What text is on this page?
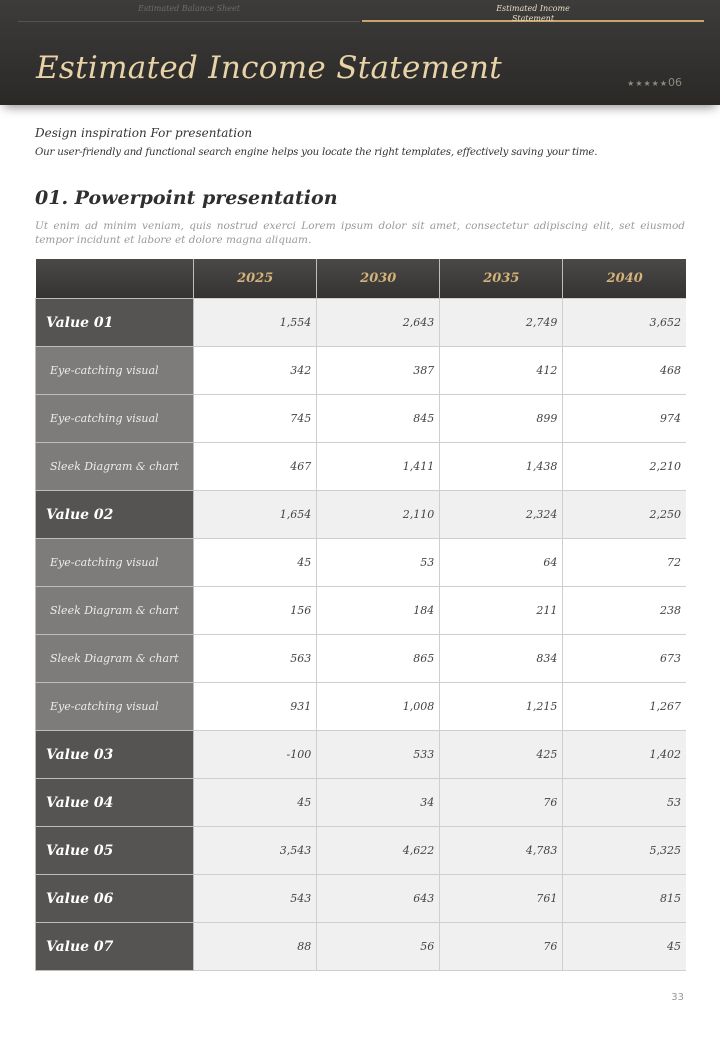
Estimated Balance Sheet	Estimated Income Statement
Estimated Income Statement	★★★★★06
Design inspiration For presentation
Our user-friendly and functional search engine helps you locate the right templates, effectively saving your time.
01. Powerpoint presentation
Ut enim ad minim veniam, quis nostrud exerci Lorem ipsum dolor sit amet, consectetur adipiscing elit, set eiusmod tempor incidunt et labore et dolore magna aliquam.
	2025	2030	2035	2040
Value 01	1,554	2,643	2,749	3,652
Eye-catching visual	342	387	412	468
Eye-catching visual	745	845	899	974
Sleek Diagram & chart	467	1,411	1,438	2,210
Value 02	1,654	2,110	2,324	2,250
Eye-catching visual	45	53	64	72
Sleek Diagram & chart	156	184	211	238
Sleek Diagram & chart	563	865	834	673
Eye-catching visual	931	1,008	1,215	1,267
Value 03	-100	533	425	1,402
Value 04	45	34	76	53
Value 05	3,543	4,622	4,783	5,325
Value 06	543	643	761	815
Value 07	88	56	76	45
33
